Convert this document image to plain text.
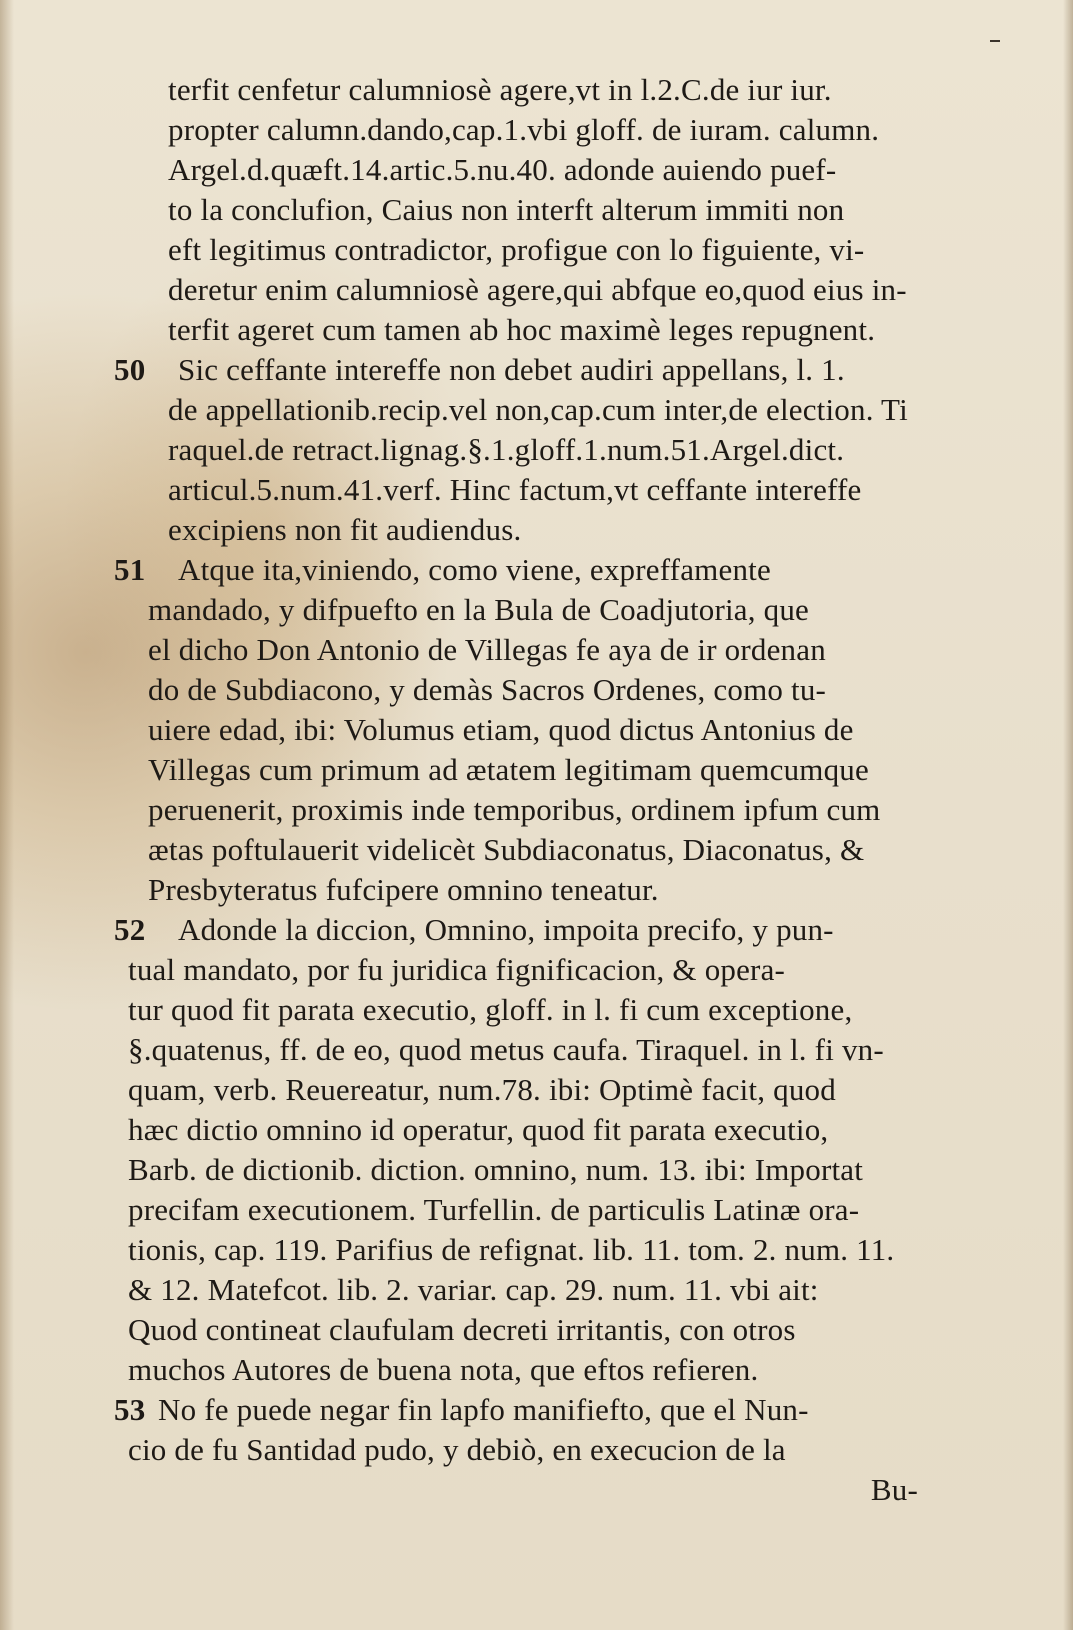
terfit cenfetur calumniosè agere,vt in l.2.C.de iur iur.
propter calumn.dando,cap.1.vbi gloff. de iuram. calumn.
Argel.d.quæft.14.artic.5.nu.40. adonde auiendo puef-
to la conclufion, Caius non interft alterum immiti non
eft legitimus contradictor, profigue con lo figuiente, vi-
deretur enim calumniosè agere,qui abfque eo,quod eius in-
terfit ageret cum tamen ab hoc maximè leges repugnent.
50 Sic ceffante intereffe non debet audiri appellans, l. 1.
de appellationib.recip.vel non,cap.cum inter,de election. Ti
raquel.de retract.lignag.§.1.gloff.1.num.51.Argel.dict.
articul.5.num.41.verf. Hinc factum,vt ceffante intereffe
excipiens non fit audiendus.
51 Atque ita,viniendo, como viene, expreffamente
mandado, y difpuefto en la Bula de Coadjutoria, que
el dicho Don Antonio de Villegas fe aya de ir ordenan
do de Subdiacono, y demàs Sacros Ordenes, como tu-
uiere edad, ibi: Volumus etiam, quod dictus Antonius de
Villegas cum primum ad ætatem legitimam quemcumque
peruenerit, proximis inde temporibus, ordinem ipfum cum
ætas poftulauerit videlicèt Subdiaconatus, Diaconatus, &
Presbyteratus fufcipere omnino teneatur.
52 Adonde la diccion, Omnino, impoita precifo, y pun-
tual mandato, por fu juridica fignificacion, & opera-
tur quod fit parata executio, gloff. in l. fi cum exceptione,
§.quatenus, ff. de eo, quod metus caufa. Tiraquel. in l. fi vn-
quam, verb. Reuereatur, num.78. ibi: Optimè facit, quod
hæc dictio omnino id operatur, quod fit parata executio,
Barb. de dictionib. diction. omnino, num. 13. ibi: Importat
precifam executionem. Turfellin. de particulis Latinæ ora-
tionis, cap. 119. Parifius de refignat. lib. 11. tom. 2. num. 11.
& 12. Matefcot. lib. 2. variar. cap. 29. num. 11. vbi ait:
Quod contineat claufulam decreti irritantis, con otros
muchos Autores de buena nota, que eftos refieren.
53 No fe puede negar fin lapfo manifiefto, que el Nun-
cio de fu Santidad pudo, y debiò, en execucion de la
Bu-
